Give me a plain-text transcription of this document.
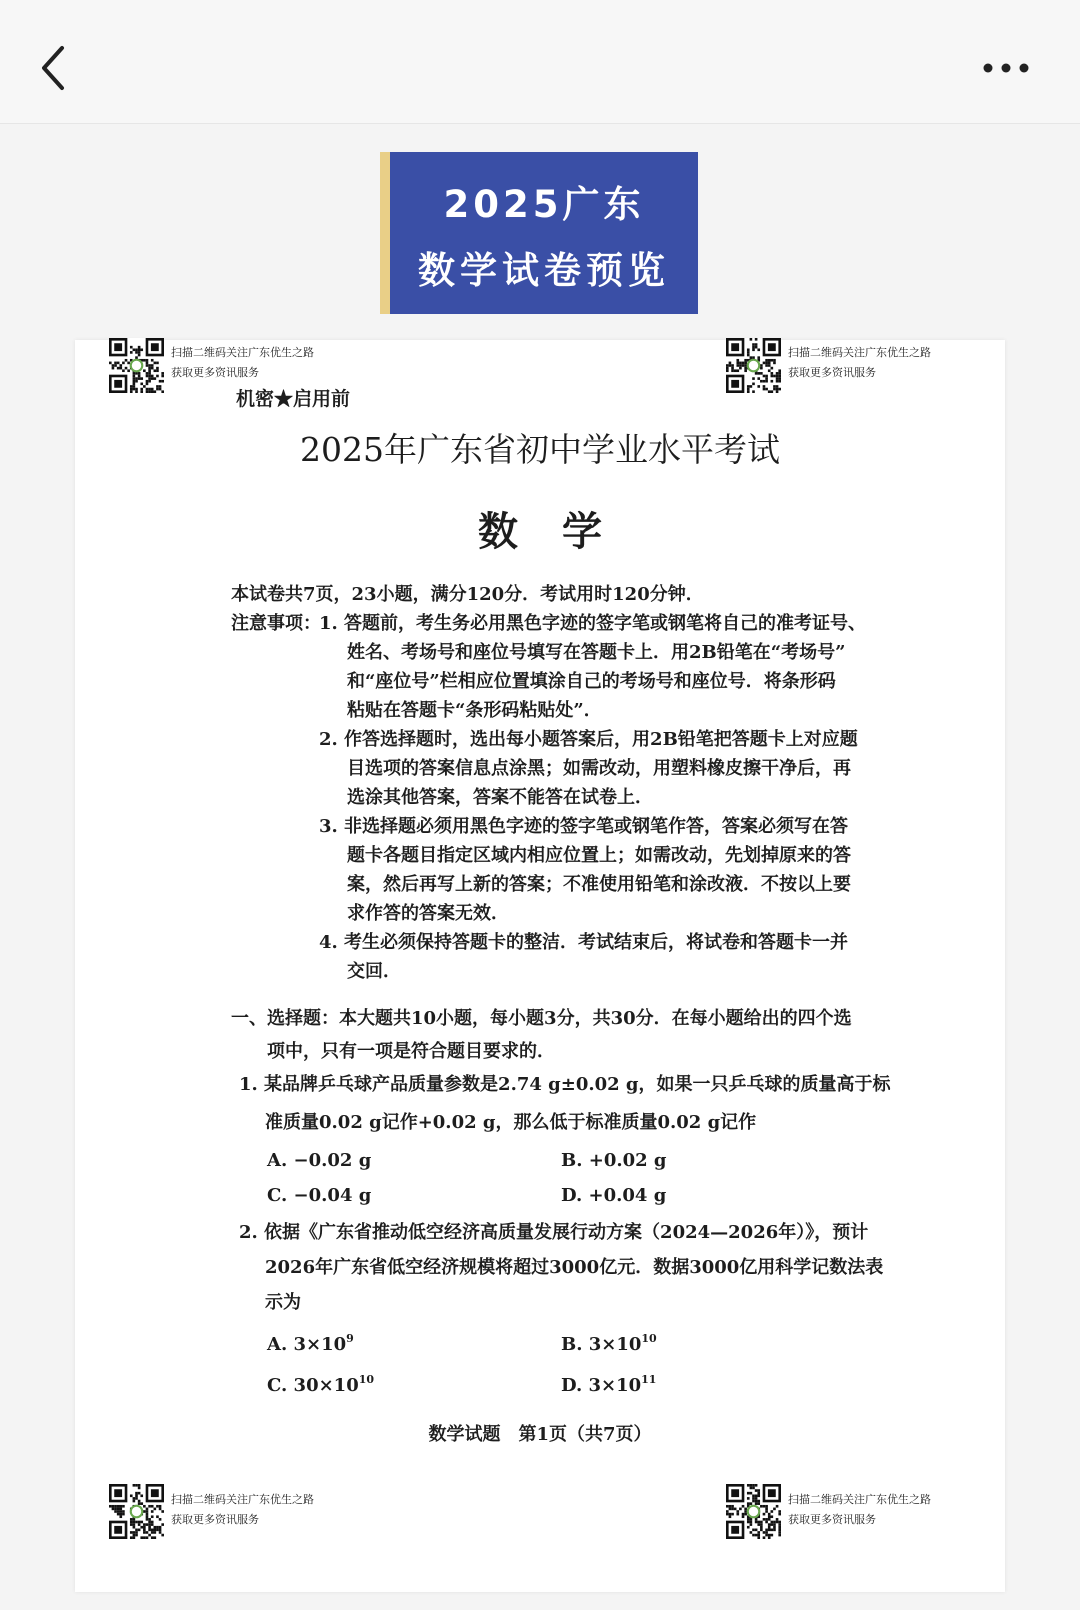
2025广东
数学试卷预览
扫描二维码关注广东优生之路
获取更多资讯服务
扫描二维码关注广东优生之路
获取更多资讯服务
扫描二维码关注广东优生之路
获取更多资讯服务
扫描二维码关注广东优生之路
获取更多资讯服务
机密★启用前
2025年广东省初中学业水平考试
数学
本试卷共7页，23小题，满分120分．考试用时120分钟．
注意事项：
1. 答题前，考生务必用黑色字迹的签字笔或钢笔将自己的准考证号、
姓名、考场号和座位号填写在答题卡上．用2B铅笔在“考场号”
和“座位号”栏相应位置填涂自己的考场号和座位号．将条形码
粘贴在答题卡“条形码粘贴处”．
2. 作答选择题时，选出每小题答案后，用2B铅笔把答题卡上对应题
目选项的答案信息点涂黑；如需改动，用塑料橡皮擦干净后，再
选涂其他答案，答案不能答在试卷上．
3. 非选择题必须用黑色字迹的签字笔或钢笔作答，答案必须写在答
题卡各题目指定区域内相应位置上；如需改动，先划掉原来的答
案，然后再写上新的答案；不准使用铅笔和涂改液．不按以上要
求作答的答案无效．
4. 考生必须保持答题卡的整洁．考试结束后，将试卷和答题卡一并
交回．
一、选择题：本大题共10小题，每小题3分，共30分．在每小题给出的四个选
项中，只有一项是符合题目要求的．
1. 某品牌乒乓球产品质量参数是2.74 g±0.02 g，如果一只乒乓球的质量高于标
准质量0.02 g记作+0.02 g，那么低于标准质量0.02 g记作
A. −0.02 g	B. +0.02 g
C. −0.04 g	D. +0.04 g
2. 依据《广东省推动低空经济高质量发展行动方案（2024—2026年）》，预计
2026年广东省低空经济规模将超过3000亿元．数据3000亿用科学记数法表
示为
A. $3\times 10^9$	B. $3\times 10^{10}$
C. $30\times 10^{10}$	D. $3\times 10^{11}$
数学试题　第1页（共7页）
